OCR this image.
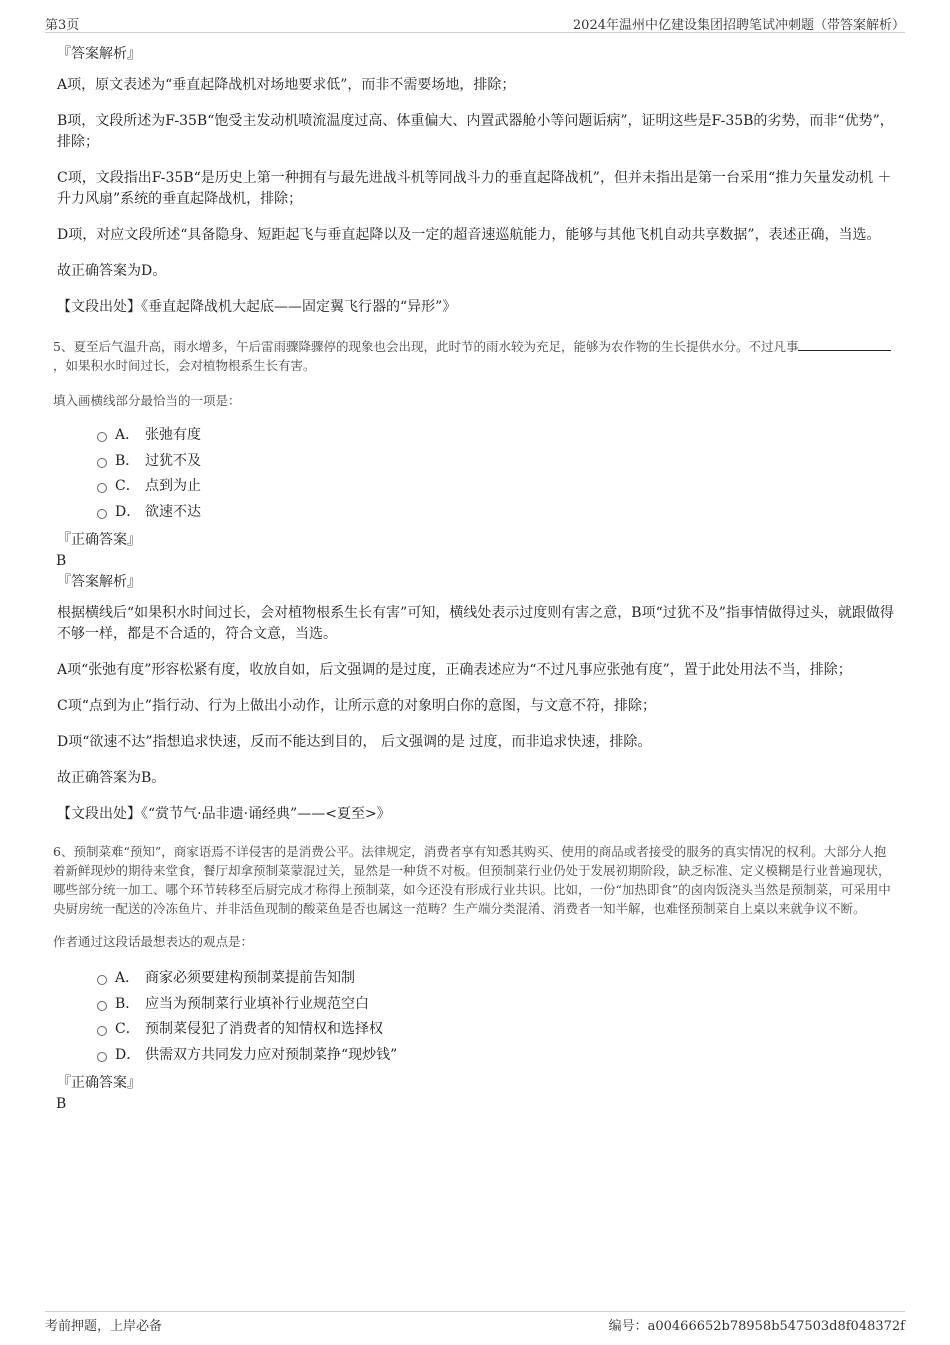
第3页	2024年温州中亿建设集团招聘笔试冲刺题（带答案解析）

『答案解析』

A项，原文表述为“垂直起降战机对场地要求低”，而非不需要场地，排除；

B项，文段所述为F-35B“饱受主发动机喷流温度过高、体重偏大、内置武器舱小等问题诟病”，证明这些是F-35B的劣势，而非“优势”，排除；

C项，文段指出F-35B“是历史上第一种拥有与最先进战斗机等同战斗力的垂直起降战机”，但并未指出是第一台采用“推力矢量发动机 ＋ 升力风扇”系统的垂直起降战机，排除；

D项，对应文段所述“具备隐身、短距起飞与垂直起降以及一定的超音速巡航能力，能够与其他飞机自动共享数据”，表述正确，当选。

故正确答案为D。

【文段出处】《垂直起降战机大起底——固定翼飞行器的“异形”》

5、夏至后气温升高，雨水增多，午后雷雨骤降骤停的现象也会出现，此时节的雨水较为充足，能够为农作物的生长提供水分。不过凡事，如果积水时间过长，会对植物根系生长有害。

填入画横线部分最恰当的一项是：

A． 张弛有度
B． 过犹不及
C． 点到为止
D． 欲速不达

『正确答案』

B

『答案解析』

根据横线后“如果积水时间过长，会对植物根系生长有害”可知，横线处表示过度则有害之意，B项“过犹不及”指事情做得过头，就跟做得不够一样，都是不合适的，符合文意，当选。

A项“张弛有度”形容松紧有度，收放自如，后文强调的是过度，正确表述应为“不过凡事应张弛有度”，置于此处用法不当，排除；

C项“点到为止”指行动、行为上做出小动作，让所示意的对象明白你的意图，与文意不符，排除；

D项“欲速不达”指想追求快速，反而不能达到目的， 后文强调的是 过度，而非追求快速，排除。

故正确答案为B。

【文段出处】《“赏节气·品非遗·诵经典”——<夏至>》

6、预制菜难“预知”，商家语焉不详侵害的是消费公平。法律规定，消费者享有知悉其购买、使用的商品或者接受的服务的真实情况的权利。大部分人抱着新鲜现炒的期待来堂食，餐厅却拿预制菜蒙混过关，显然是一种货不对板。但预制菜行业仍处于发展初期阶段，缺乏标准、定义模糊是行业普遍现状，哪些部分统一加工、哪个环节转移至后厨完成才称得上预制菜，如今还没有形成行业共识。比如，一份“加热即食”的卤肉饭浇头当然是预制菜，可采用中央厨房统一配送的冷冻鱼片、并非活鱼现制的酸菜鱼是否也属这一范畴？生产端分类混淆、消费者一知半解，也难怪预制菜自上桌以来就争议不断。

作者通过这段话最想表达的观点是：

A． 商家必须要建构预制菜提前告知制
B． 应当为预制菜行业填补行业规范空白
C． 预制菜侵犯了消费者的知情权和选择权
D． 供需双方共同发力应对预制菜挣“现炒钱”

『正确答案』

B

考前押题，上岸必备	编号：a00466652b78958b547503d8f048372f
